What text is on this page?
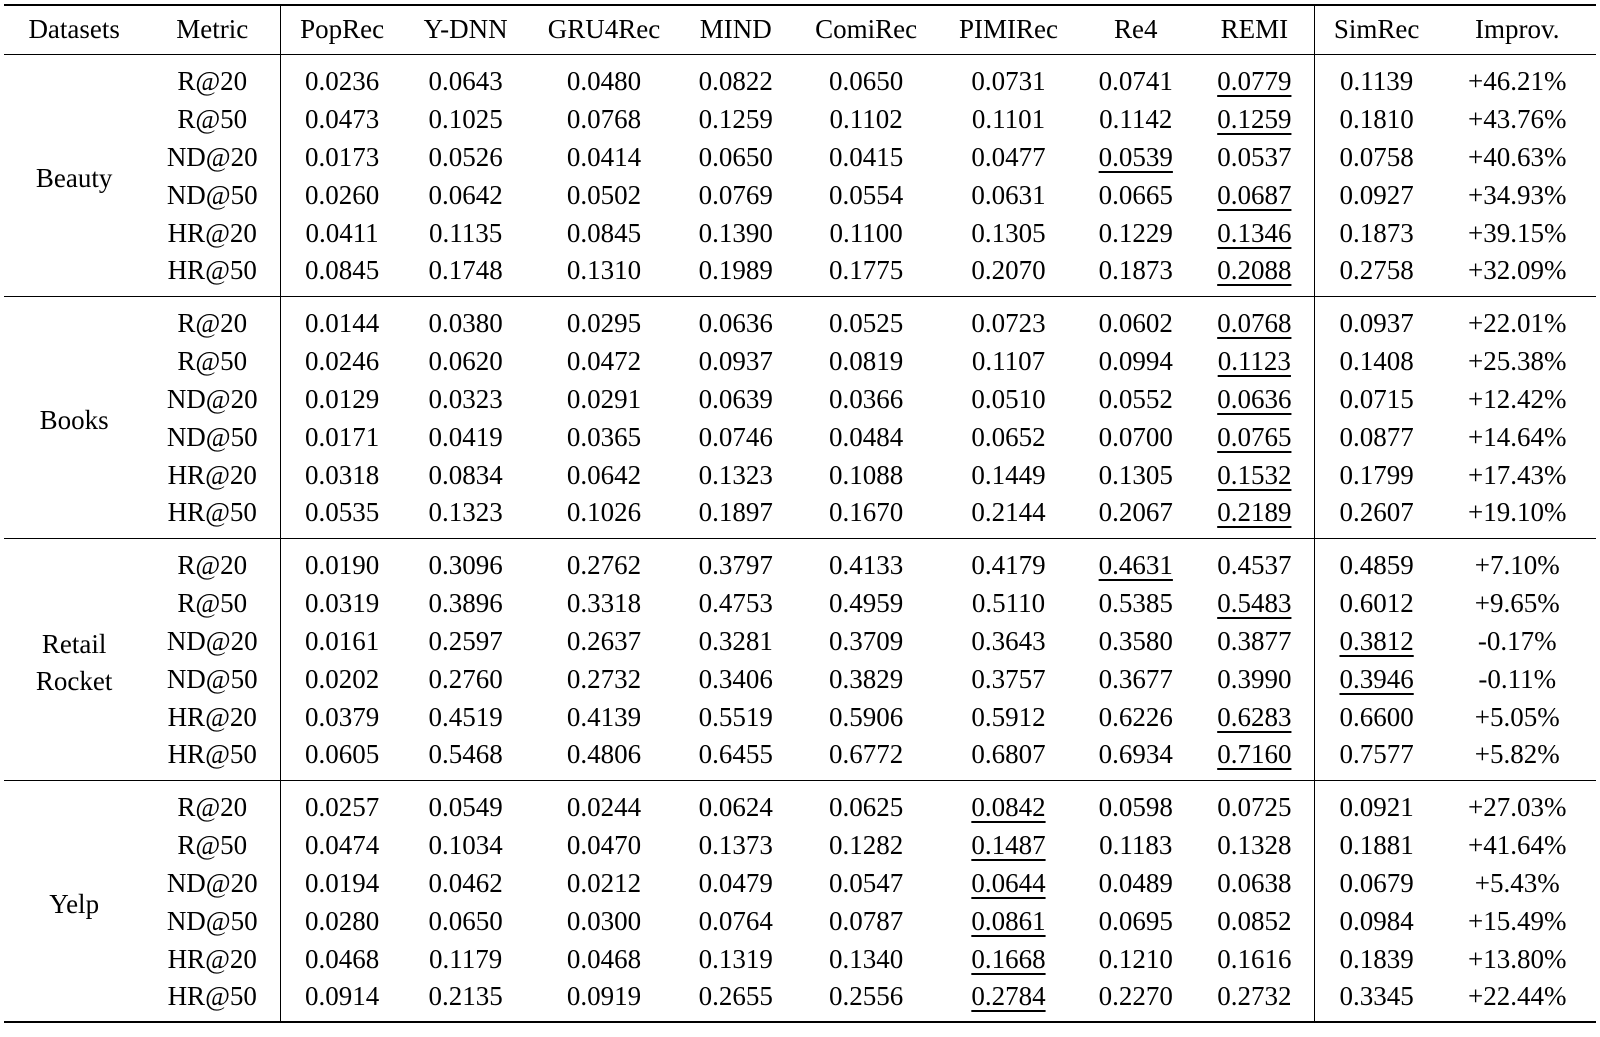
Datasets	Metric	PopRec	Y-DNN	GRU4Rec	MIND	ComiRec	PIMIRec	Re4	REMI	SimRec	Improv.
Beauty	R@20	0.0236	0.0643	0.0480	0.0822	0.0650	0.0731	0.0741	0.0779	0.1139	+46.21%
	R@50	0.0473	0.1025	0.0768	0.1259	0.1102	0.1101	0.1142	0.1259	0.1810	+43.76%
	ND@20	0.0173	0.0526	0.0414	0.0650	0.0415	0.0477	0.0539	0.0537	0.0758	+40.63%
	ND@50	0.0260	0.0642	0.0502	0.0769	0.0554	0.0631	0.0665	0.0687	0.0927	+34.93%
	HR@20	0.0411	0.1135	0.0845	0.1390	0.1100	0.1305	0.1229	0.1346	0.1873	+39.15%
	HR@50	0.0845	0.1748	0.1310	0.1989	0.1775	0.2070	0.1873	0.2088	0.2758	+32.09%
Books	R@20	0.0144	0.0380	0.0295	0.0636	0.0525	0.0723	0.0602	0.0768	0.0937	+22.01%
	R@50	0.0246	0.0620	0.0472	0.0937	0.0819	0.1107	0.0994	0.1123	0.1408	+25.38%
	ND@20	0.0129	0.0323	0.0291	0.0639	0.0366	0.0510	0.0552	0.0636	0.0715	+12.42%
	ND@50	0.0171	0.0419	0.0365	0.0746	0.0484	0.0652	0.0700	0.0765	0.0877	+14.64%
	HR@20	0.0318	0.0834	0.0642	0.1323	0.1088	0.1449	0.1305	0.1532	0.1799	+17.43%
	HR@50	0.0535	0.1323	0.1026	0.1897	0.1670	0.2144	0.2067	0.2189	0.2607	+19.10%
Retail Rocket	R@20	0.0190	0.3096	0.2762	0.3797	0.4133	0.4179	0.4631	0.4537	0.4859	+7.10%
	R@50	0.0319	0.3896	0.3318	0.4753	0.4959	0.5110	0.5385	0.5483	0.6012	+9.65%
	ND@20	0.0161	0.2597	0.2637	0.3281	0.3709	0.3643	0.3580	0.3877	0.3812	-0.17%
	ND@50	0.0202	0.2760	0.2732	0.3406	0.3829	0.3757	0.3677	0.3990	0.3946	-0.11%
	HR@20	0.0379	0.4519	0.4139	0.5519	0.5906	0.5912	0.6226	0.6283	0.6600	+5.05%
	HR@50	0.0605	0.5468	0.4806	0.6455	0.6772	0.6807	0.6934	0.7160	0.7577	+5.82%
Yelp	R@20	0.0257	0.0549	0.0244	0.0624	0.0625	0.0842	0.0598	0.0725	0.0921	+27.03%
	R@50	0.0474	0.1034	0.0470	0.1373	0.1282	0.1487	0.1183	0.1328	0.1881	+41.64%
	ND@20	0.0194	0.0462	0.0212	0.0479	0.0547	0.0644	0.0489	0.0638	0.0679	+5.43%
	ND@50	0.0280	0.0650	0.0300	0.0764	0.0787	0.0861	0.0695	0.0852	0.0984	+15.49%
	HR@20	0.0468	0.1179	0.0468	0.1319	0.1340	0.1668	0.1210	0.1616	0.1839	+13.80%
	HR@50	0.0914	0.2135	0.0919	0.2655	0.2556	0.2784	0.2270	0.2732	0.3345	+22.44%
